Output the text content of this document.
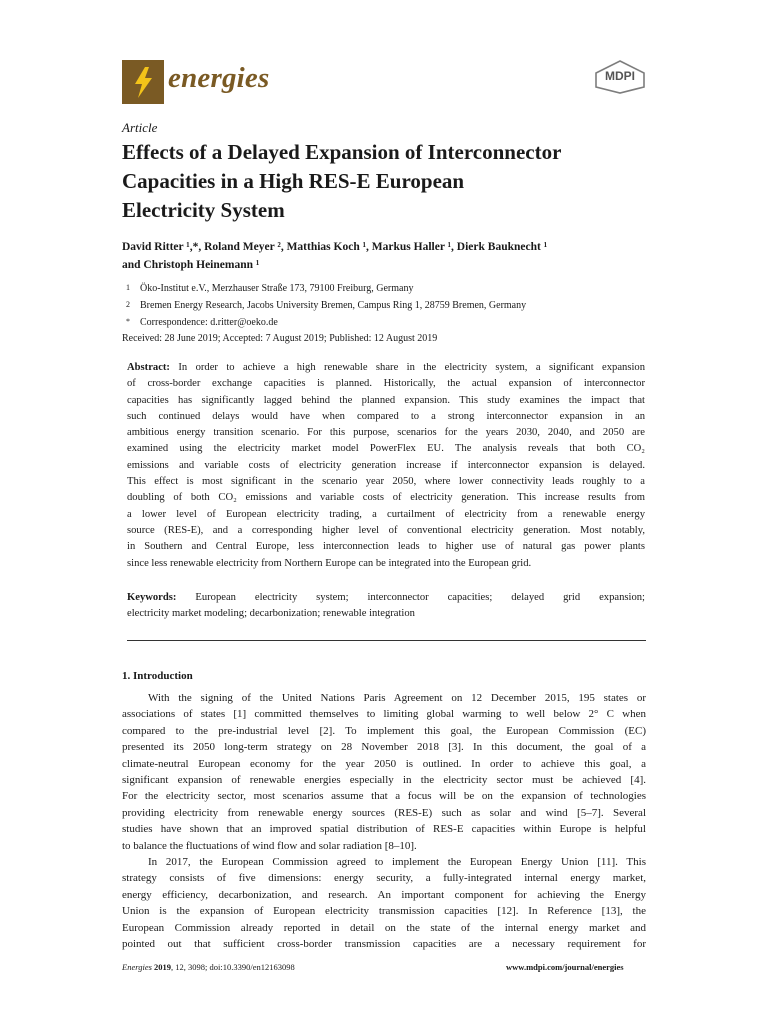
energies	MDPI
Article
Effects of a Delayed Expansion of Interconnector
Capacities in a High RES-E European
Electricity System
David Ritter ¹,*, Roland Meyer ², Matthias Koch ¹, Markus Haller ¹, Dierk Bauknecht ¹
and Christoph Heinemann ¹
1 Öko-Institut e.V., Merzhauser Straße 173, 79100 Freiburg, Germany
2 Bremen Energy Research, Jacobs University Bremen, Campus Ring 1, 28759 Bremen, Germany
* Correspondence: d.ritter@oeko.de
Received: 28 June 2019; Accepted: 7 August 2019; Published: 12 August 2019
Abstract: In order to achieve a high renewable share in the electricity system, a significant expansion
of cross-border exchange capacities is planned. Historically, the actual expansion of interconnector
capacities has significantly lagged behind the planned expansion. This study examines the impact that
such continued delays would have when compared to a strong interconnector expansion in an
ambitious energy transition scenario. For this purpose, scenarios for the years 2030, 2040, and 2050 are
examined using the electricity market model PowerFlex EU. The analysis reveals that both CO₂
emissions and variable costs of electricity generation increase if interconnector expansion is delayed.
This effect is most significant in the scenario year 2050, where lower connectivity leads roughly to a
doubling of both CO₂ emissions and variable costs of electricity generation. This increase results from
a lower level of European electricity trading, a curtailment of electricity from a renewable energy
source (RES-E), and a corresponding higher level of conventional electricity generation. Most notably,
in Southern and Central Europe, less interconnection leads to higher use of natural gas power plants
since less renewable electricity from Northern Europe can be integrated into the European grid.
Keywords: European electricity system; interconnector capacities; delayed grid expansion;
electricity market modeling; decarbonization; renewable integration
1. Introduction
With the signing of the United Nations Paris Agreement on 12 December 2015, 195 states or
associations of states [1] committed themselves to limiting global warming to well below 2° C when
compared to the pre-industrial level [2]. To implement this goal, the European Commission (EC)
presented its 2050 long-term strategy on 28 November 2018 [3]. In this document, the goal of a
climate-neutral European economy for the year 2050 is outlined. In order to achieve this goal, a
significant expansion of renewable energies especially in the electricity sector must be achieved [4].
For the electricity sector, most scenarios assume that a focus will be on the expansion of technologies
providing electricity from renewable energy sources (RES-E) such as solar and wind [5–7]. Several
studies have shown that an improved spatial distribution of RES-E capacities within Europe is helpful
to balance the fluctuations of wind flow and solar radiation [8–10].
In 2017, the European Commission agreed to implement the European Energy Union [11]. This
strategy consists of five dimensions: energy security, a fully-integrated internal energy market,
energy efficiency, decarbonization, and research. An important component for achieving the Energy
Union is the expansion of European electricity transmission capacities [12]. In Reference [13], the
European Commission already reported in detail on the state of the internal energy market and
pointed out that sufficient cross-border transmission capacities are a necessary requirement for
Energies 2019, 12, 3098; doi:10.3390/en12163098	www.mdpi.com/journal/energies
